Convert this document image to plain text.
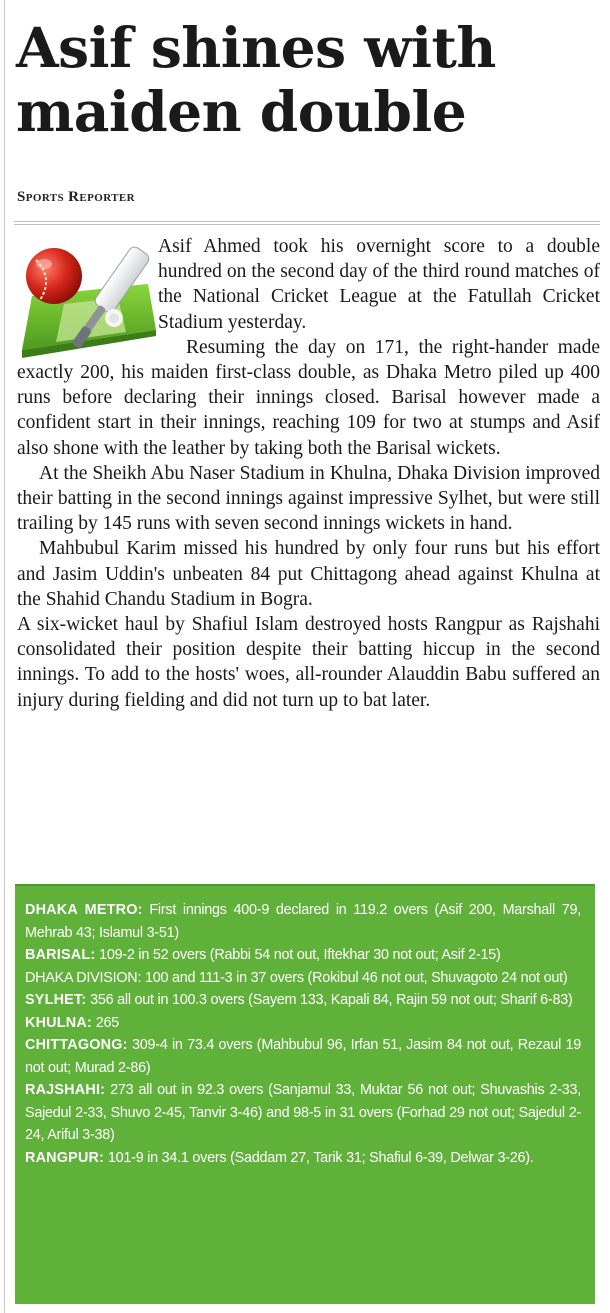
Asif shines with maiden double
Sports Reporter

Asif Ahmed took his overnight score to a double hundred on the second day of the third round matches of the National Cricket League at the Fatullah Cricket Stadium yesterday.

Resuming the day on 171, the right-hander made exactly 200, his maiden first-class double, as Dhaka Metro piled up 400 runs before declaring their innings closed. Barisal however made a confident start in their innings, reaching 109 for two at stumps and Asif also shone with the leather by taking both the Barisal wickets.

At the Sheikh Abu Naser Stadium in Khulna, Dhaka Division improved their batting in the second innings against impressive Sylhet, but were still trailing by 145 runs with seven second innings wickets in hand.

Mahbubul Karim missed his hundred by only four runs but his effort and Jasim Uddin's unbeaten 84 put Chittagong ahead against Khulna at the Shahid Chandu Stadium in Bogra.

A six-wicket haul by Shafiul Islam destroyed hosts Rangpur as Rajshahi consolidated their position despite their batting hiccup in the second innings. To add to the hosts' woes, all-rounder Alauddin Babu suffered an injury during fielding and did not turn up to bat later.

DHAKA METRO: First innings 400-9 declared in 119.2 overs (Asif 200, Marshall 79, Mehrab 43; Islamul 3-51)

BARISAL: 109-2 in 52 overs (Rabbi 54 not out, Iftekhar 30 not out; Asif 2-15)

DHAKA DIVISION: 100 and 111-3 in 37 overs (Rokibul 46 not out, Shuvagoto 24 not out)

SYLHET: 356 all out in 100.3 overs (Sayem 133, Kapali 84, Rajin 59 not out; Sharif 6-83)

KHULNA: 265

CHITTAGONG: 309-4 in 73.4 overs (Mahbubul 96, Irfan 51, Jasim 84 not out, Rezaul 19 not out; Murad 2-86)

RAJSHAHI: 273 all out in 92.3 overs (Sanjamul 33, Muktar 56 not out; Shuvashis 2-33, Sajedul 2-33, Shuvo 2-45, Tanvir 3-46) and 98-5 in 31 overs (Forhad 29 not out; Sajedul 2-24, Ariful 3-38)

RANGPUR: 101-9 in 34.1 overs (Saddam 27, Tarik 31; Shafiul 6-39, Delwar 3-26).
